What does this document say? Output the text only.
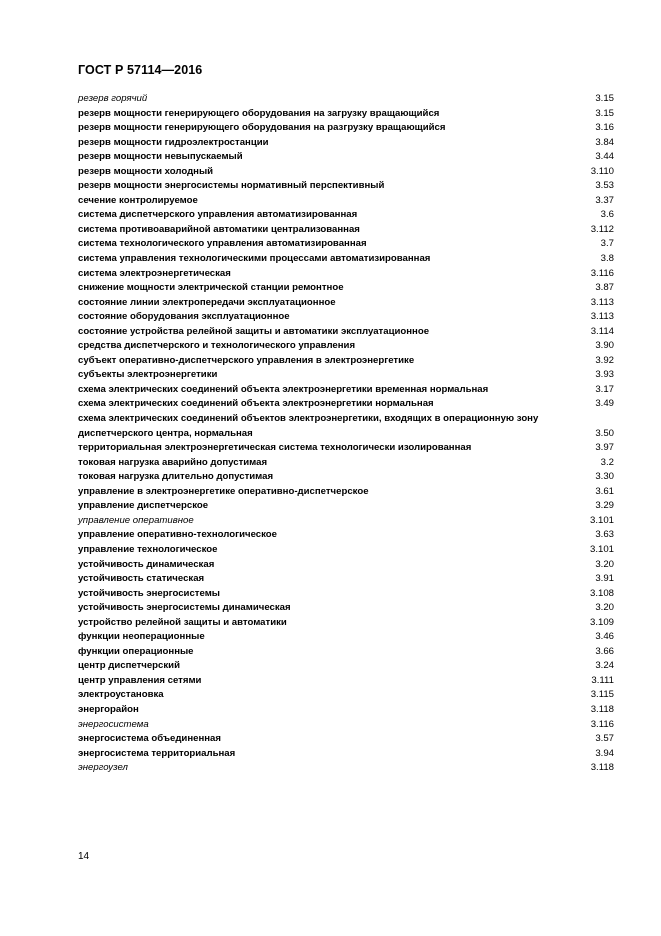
ГОСТ Р 57114—2016
резерв горячий	3.15
резерв мощности генерирующего оборудования на загрузку вращающийся	3.15
резерв мощности генерирующего оборудования на разгрузку вращающийся	3.16
резерв мощности гидроэлектростанции	3.84
резерв мощности невыпускаемый	3.44
резерв мощности холодный	3.110
резерв мощности энергосистемы нормативный перспективный	3.53
сечение контролируемое	3.37
система диспетчерского управления автоматизированная	3.6
система противоаварийной автоматики централизованная	3.112
система технологического управления автоматизированная	3.7
система управления технологическими процессами автоматизированная	3.8
система электроэнергетическая	3.116
снижение мощности электрической станции ремонтное	3.87
состояние линии электропередачи эксплуатационное	3.113
состояние оборудования эксплуатационное	3.113
состояние устройства релейной защиты и автоматики эксплуатационное	3.114
средства диспетчерского и технологического управления	3.90
субъект оперативно-диспетчерского управления в электроэнергетике	3.92
субъекты электроэнергетики	3.93
схема электрических соединений объекта электроэнергетики временная нормальная	3.17
схема электрических соединений объекта электроэнергетики нормальная	3.49
схема электрических соединений объектов электроэнергетики, входящих в операционную зону
диспетчерского центра, нормальная	3.50
территориальная электроэнергетическая система технологически изолированная	3.97
токовая нагрузка аварийно допустимая	3.2
токовая нагрузка длительно допустимая	3.30
управление в электроэнергетике оперативно-диспетчерское	3.61
управление диспетчерское	3.29
управление оперативное	3.101
управление оперативно-технологическое	3.63
управление технологическое	3.101
устойчивость динамическая	3.20
устойчивость статическая	3.91
устойчивость энергосистемы	3.108
устойчивость энергосистемы динамическая	3.20
устройство релейной защиты и автоматики	3.109
функции неоперационные	3.46
функции операционные	3.66
центр диспетчерский	3.24
центр управления сетями	3.111
электроустановка	3.115
энергорайон	3.118
энергосистема	3.116
энергосистема объединенная	3.57
энергосистема территориальная	3.94
энергоузел	3.118
14
